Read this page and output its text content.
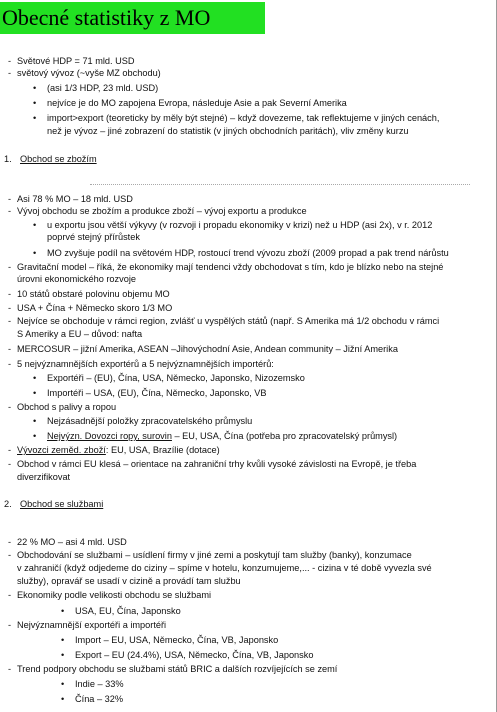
Obecné statistiky z MO
- Světové HDP = 71 mld. USD
- světový vývoz (~vyše MZ obchodu)
• (asi 1/3 HDP, 23 mld. USD)
• nejvíce je do MO zapojena Evropa, následuje Asie a pak Severní Amerika
• import>export (teoreticky by měly být stejné) – když dovezeme, tak reflektujeme v jiných cenách,
než je vývoz – jiné zobrazení do statistik (v jiných obchodních paritách), vliv změny kurzu
1. Obchod se zbožím
- Asi 78 % MO – 18 mld. USD
- Vývoj obchodu se zbožím a produkce zboží – vývoj exportu a produkce
• u exportu jsou větší výkyvy (v rozvoji i propadu ekonomiky v krizi) než u HDP (asi 2x), v r. 2012
poprvé stejný přírůstek
• MO zvyšuje podíl na světovém HDP, rostoucí trend vývozu zboží (2009 propad a pak trend nárůstu
- Gravitační model – říká, že ekonomiky mají tendenci vždy obchodovat s tím, kdo je blízko nebo na stejné
úrovni ekonomického rozvoje
- 10 států obstaré polovinu objemu MO
- USA + Čína + Německo skoro 1/3 MO
- Nejvíce se obchoduje v rámci region, zvlášť u vyspělých států (např. S Amerika má 1/2 obchodu v rámci
S Ameriky a EU – důvod: nafta
- MERCOSUR – jižní Amerika, ASEAN –Jihovýchodní Asie, Andean community – Jižní Amerika
- 5 nejvýznamnějších exportérů a 5 nejvýznamnějších importérů:
• Exportéři – (EU), Čína, USA, Německo, Japonsko, Nizozemsko
• Importéři – USA, (EU), Čína, Německo, Japonsko, VB
- Obchod s palivy a ropou
• Nejzásadnější položky zpracovatelského průmyslu
• Nejvýzn. Dovozci ropy, surovin – EU, USA, Čína (potřeba pro zpracovatelský průmysl)
- Vývozci zeměd. zboží: EU, USA, Brazílie (dotace)
- Obchod v rámci EU klesá – orientace na zahraniční trhy kvůli vysoké závislosti na Evropě, je třeba
diverzifikovat
2. Obchod se službami
- 22 % MO – asi 4 mld. USD
- Obchodování se službami – usídlení firmy v jiné zemi a poskytují tam služby (banky), konzumace
v zahraničí (když odjedeme do ciziny – spíme v hotelu, konzumujeme,... - cizina v té době vyvezla své
služby), opravář se usadí v cizině a provádí tam službu
- Ekonomiky podle velikosti obchodu se službami
• USA, EU, Čína, Japonsko
- Nejvýznamnější exportéři a importéři
• Import – EU, USA, Německo, Čína, VB, Japonsko
• Export – EU (24.4%), USA, Německo, Čína, VB, Japonsko
- Trend podpory obchodu se službami států BRIC a dalších rozvíjejících se zemí
• Indie – 33%
• Čína – 32%
